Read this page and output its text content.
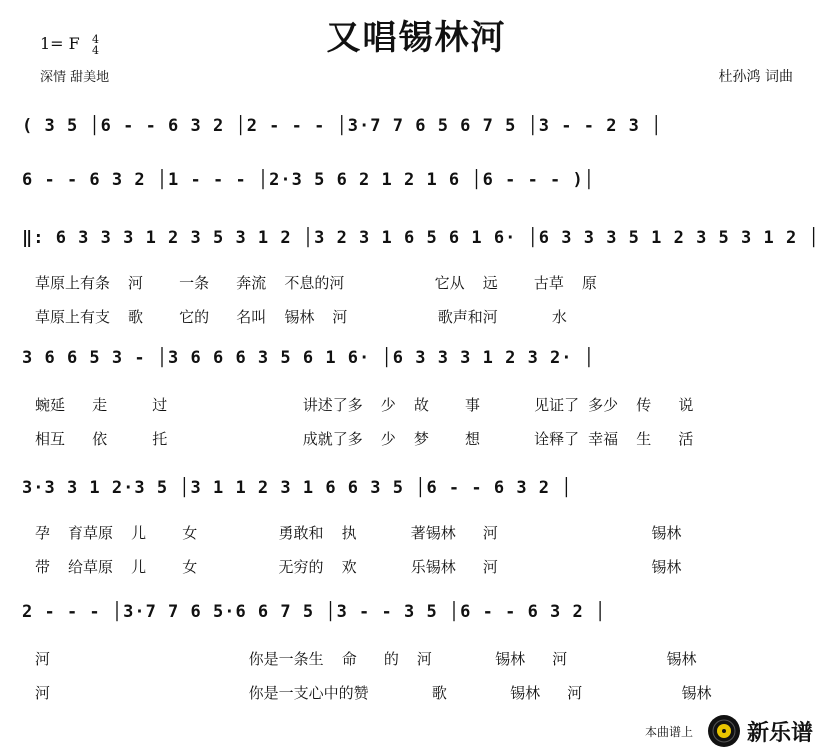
又唱锡林河
1= F 4
4
深情 甜美地	杜孙鸿 词曲
( 3 5 │6 - - 6 3 2 │2 - - - │3·7 7 6 5 6 7 5 │3 - - 2 3 │
6 - - 6 3 2 │1 - - - │2·3 5 6 2 1 2 1 6 │6 - - - )│
‖: 6 3 3 3 1 2 3 5 3 1 2 │3 2 3 1 6 5 6 1 6· │6 3 3 3 5 1 2 3 5 3 1 2 │
草原上有条  河    一条   奔流  不息的河          它从  远    古草  原
草原上有支  歌    它的   名叫  锡林  河          歌声和河      水
3 6 6 5 3 - │3 6 6 6 3 5 6 1 6· │6 3 3 3 1 2 3 2· │
蜿延   走     过               讲述了多  少  故    事      见证了 多少  传   说
相互   依     托               成就了多  少  梦    想      诠释了 幸福  生   活
3·3 3 1 2·3 5 │3 1 1 2 3 1 6 6 3 5 │6 - - 6 3 2 │
孕  育草原  儿    女         勇敢和  执      著锡林   河                 锡林
带  给草原  儿    女         无穷的  欢      乐锡林   河                 锡林
2 - - - │3·7 7 6 5·6 6 7 5 │3 - - 3 5 │6 - - 6 3 2 │
河                      你是一条生  命   的  河       锡林   河           锡林
河                      你是一支心中的赞       歌       锡林   河           锡林
本曲谱上 新乐谱
